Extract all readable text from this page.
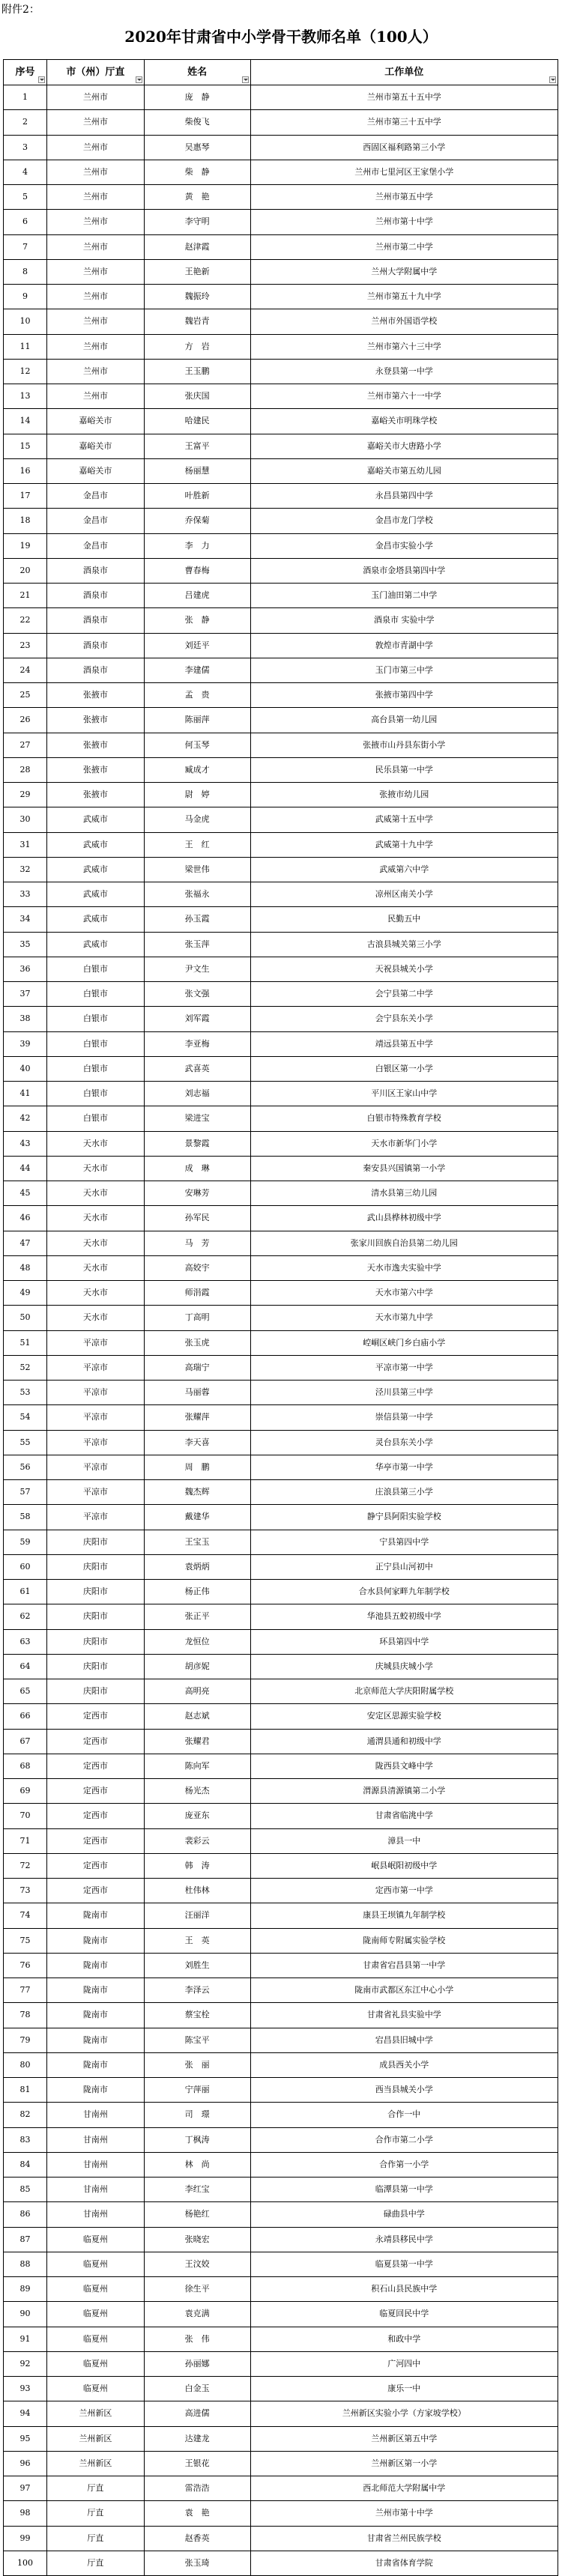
附件2：
2020年甘肃省中小学骨干教师名单（100人）
序号	市（州）厅直	姓名	工作单位
1	兰州市	庞　静	兰州市第五十五中学
2	兰州市	柴俊飞	兰州市第三十五中学
3	兰州市	吴惠琴	西固区福利路第三小学
4	兰州市	柴　静	兰州市七里河区王家堡小学
5	兰州市	黄　艳	兰州市第五中学
6	兰州市	李守明	兰州市第十中学
7	兰州市	赵津霞	兰州市第二中学
8	兰州市	王艳新	兰州大学附属中学
9	兰州市	魏振玲	兰州市第五十九中学
10	兰州市	魏岩青	兰州市外国语学校
11	兰州市	方　岩	兰州市第六十三中学
12	兰州市	王玉鹏	永登县第一中学
13	兰州市	张庆国	兰州市第六十一中学
14	嘉峪关市	哈建民	嘉峪关市明珠学校
15	嘉峪关市	王富平	嘉峪关市大唐路小学
16	嘉峪关市	杨丽慧	嘉峪关市第五幼儿园
17	金昌市	叶胜新	永昌县第四中学
18	金昌市	乔保菊	金昌市龙门学校
19	金昌市	李　力	金昌市实验小学
20	酒泉市	曹春梅	酒泉市金塔县第四中学
21	酒泉市	吕建虎	玉门油田第二中学
22	酒泉市	张　静	酒泉市 实验中学
23	酒泉市	刘廷平	敦煌市青湖中学
24	酒泉市	李建儒	玉门市第三中学
25	张掖市	孟　贵	张掖市第四中学
26	张掖市	陈丽萍	高台县第一幼儿园
27	张掖市	何玉琴	张掖市山丹县东街小学
28	张掖市	臧成才	民乐县第一中学
29	张掖市	尉　婷	张掖市幼儿园
30	武威市	马金虎	武威第十五中学
31	武威市	王　红	武威第十九中学
32	武威市	梁世伟	武威第六中学
33	武威市	张福永	凉州区南关小学
34	武威市	孙玉霞	民勤五中
35	武威市	张玉萍	古浪县城关第三小学
36	白银市	尹文生	天祝县城关小学
37	白银市	张文强	会宁县第二中学
38	白银市	刘军霞	会宁县东关小学
39	白银市	李亚梅	靖远县第五中学
40	白银市	武喜英	白银区第一小学
41	白银市	刘志福	平川区王家山中学
42	白银市	梁进宝	白银市特殊教育学校
43	天水市	景黎霞	天水市新华门小学
44	天水市	成　琳	秦安县兴国镇第一小学
45	天水市	安琳芳	清水县第三幼儿园
46	天水市	孙军民	武山县桦林初级中学
47	天水市	马　芳	张家川回族自治县第二幼儿园
48	天水市	高姣宇	天水市逸夫实验中学
49	天水市	师涓霞	天水市第六中学
50	天水市	丁高明	天水市第九中学
51	平凉市	张玉虎	崆峒区峡门乡白庙小学
52	平凉市	高瑞宁	平凉市第一中学
53	平凉市	马丽蓉	泾川县第三中学
54	平凉市	张耀萍	崇信县第一中学
55	平凉市	李天喜	灵台县东关小学
56	平凉市	周　鹏	华亭市第一中学
57	平凉市	魏杰辉	庄浪县第三小学
58	平凉市	戴建华	静宁县阿阳实验学校
59	庆阳市	王宝玉	宁县第四中学
60	庆阳市	袁炳炳	正宁县山河初中
61	庆阳市	杨正伟	合水县何家畔九年制学校
62	庆阳市	张正平	华池县五蛟初级中学
63	庆阳市	龙恒位	环县第四中学
64	庆阳市	胡彦妮	庆城县庆城小学
65	庆阳市	高明亮	北京师范大学庆阳附属学校
66	定西市	赵志斌	安定区思源实验学校
67	定西市	张耀君	通渭县通和初级中学
68	定西市	陈向军	陇西县文峰中学
69	定西市	杨光杰	渭源县清源镇第二小学
70	定西市	庞亚东	甘肃省临洮中学
71	定西市	裴彩云	漳县一中
72	定西市	韩　涛	岷县岷阳初级中学
73	定西市	杜伟林	定西市第一中学
74	陇南市	汪丽洋	康县王坝镇九年制学校
75	陇南市	王　英	陇南师专附属实验学校
76	陇南市	刘胜生	甘肃省宕昌县第一中学
77	陇南市	李泽云	陇南市武都区东江中心小学
78	陇南市	蔡宝栓	甘肃省礼县实验中学
79	陇南市	陈宝平	宕昌县旧城中学
80	陇南市	张　丽	成县西关小学
81	陇南市	宁萍丽	西当县城关小学
82	甘南州	司　璟	合作一中
83	甘南州	丁枫涛	合作市第二小学
84	甘南州	林　尚	合作第一小学
85	甘南州	李红宝	临潭县第一中学
86	甘南州	杨艳红	碌曲县中学
87	临夏州	张晓宏	永靖县移民中学
88	临夏州	王汶姣	临夏县第一中学
89	临夏州	徐生平	积石山县民族中学
90	临夏州	袁克满	临夏回民中学
91	临夏州	张　伟	和政中学
92	临夏州	孙丽娜	广河四中
93	临夏州	白金玉	康乐一中
94	兰州新区	高进儒	兰州新区实验小学（方家坡学校）
95	兰州新区	达建龙	兰州新区第五中学
96	兰州新区	王银花	兰州新区第一小学
97	厅直	雷浩浩	西北师范大学附属中学
98	厅直	袁　艳	兰州市第十中学
99	厅直	赵香英	甘肃省兰州民族学校
100	厅直	张玉琦	甘肃省体育学院
